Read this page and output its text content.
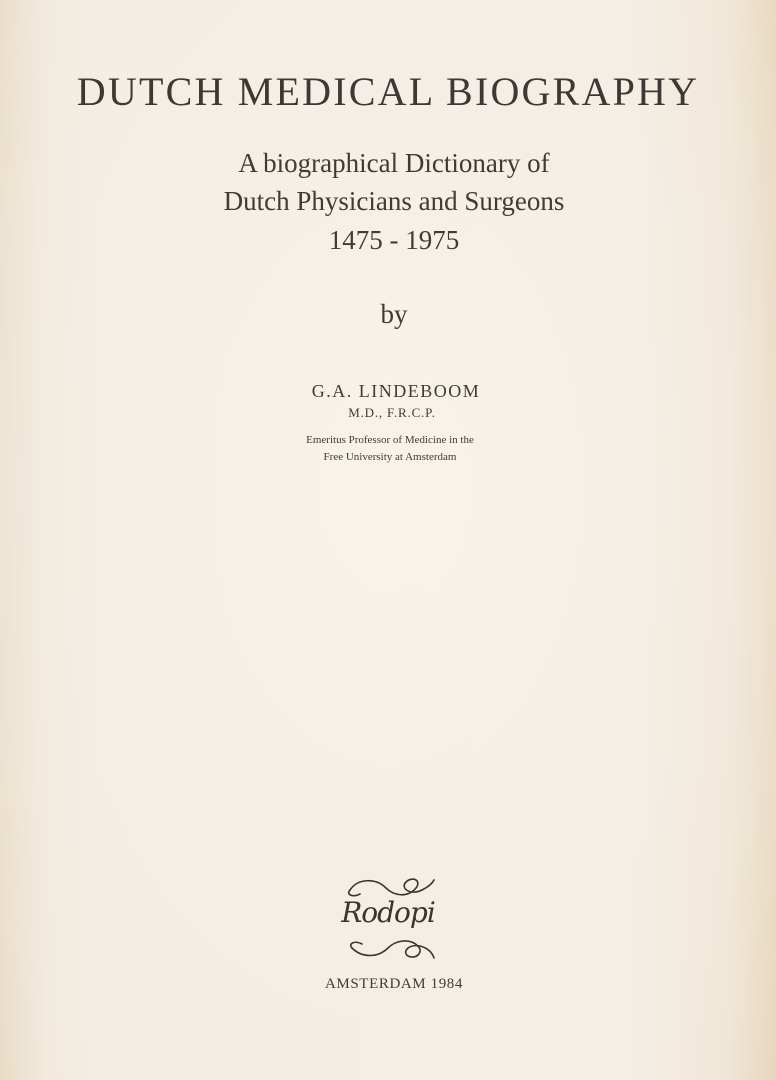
DUTCH MEDICAL BIOGRAPHY
A biographical Dictionary of
Dutch Physicians and Surgeons
1475 - 1975
by
G.A. LINDEBOOM
M.D., F.R.C.P.
Emeritus Professor of Medicine in the
Free University at Amsterdam
Rodopi
AMSTERDAM 1984
